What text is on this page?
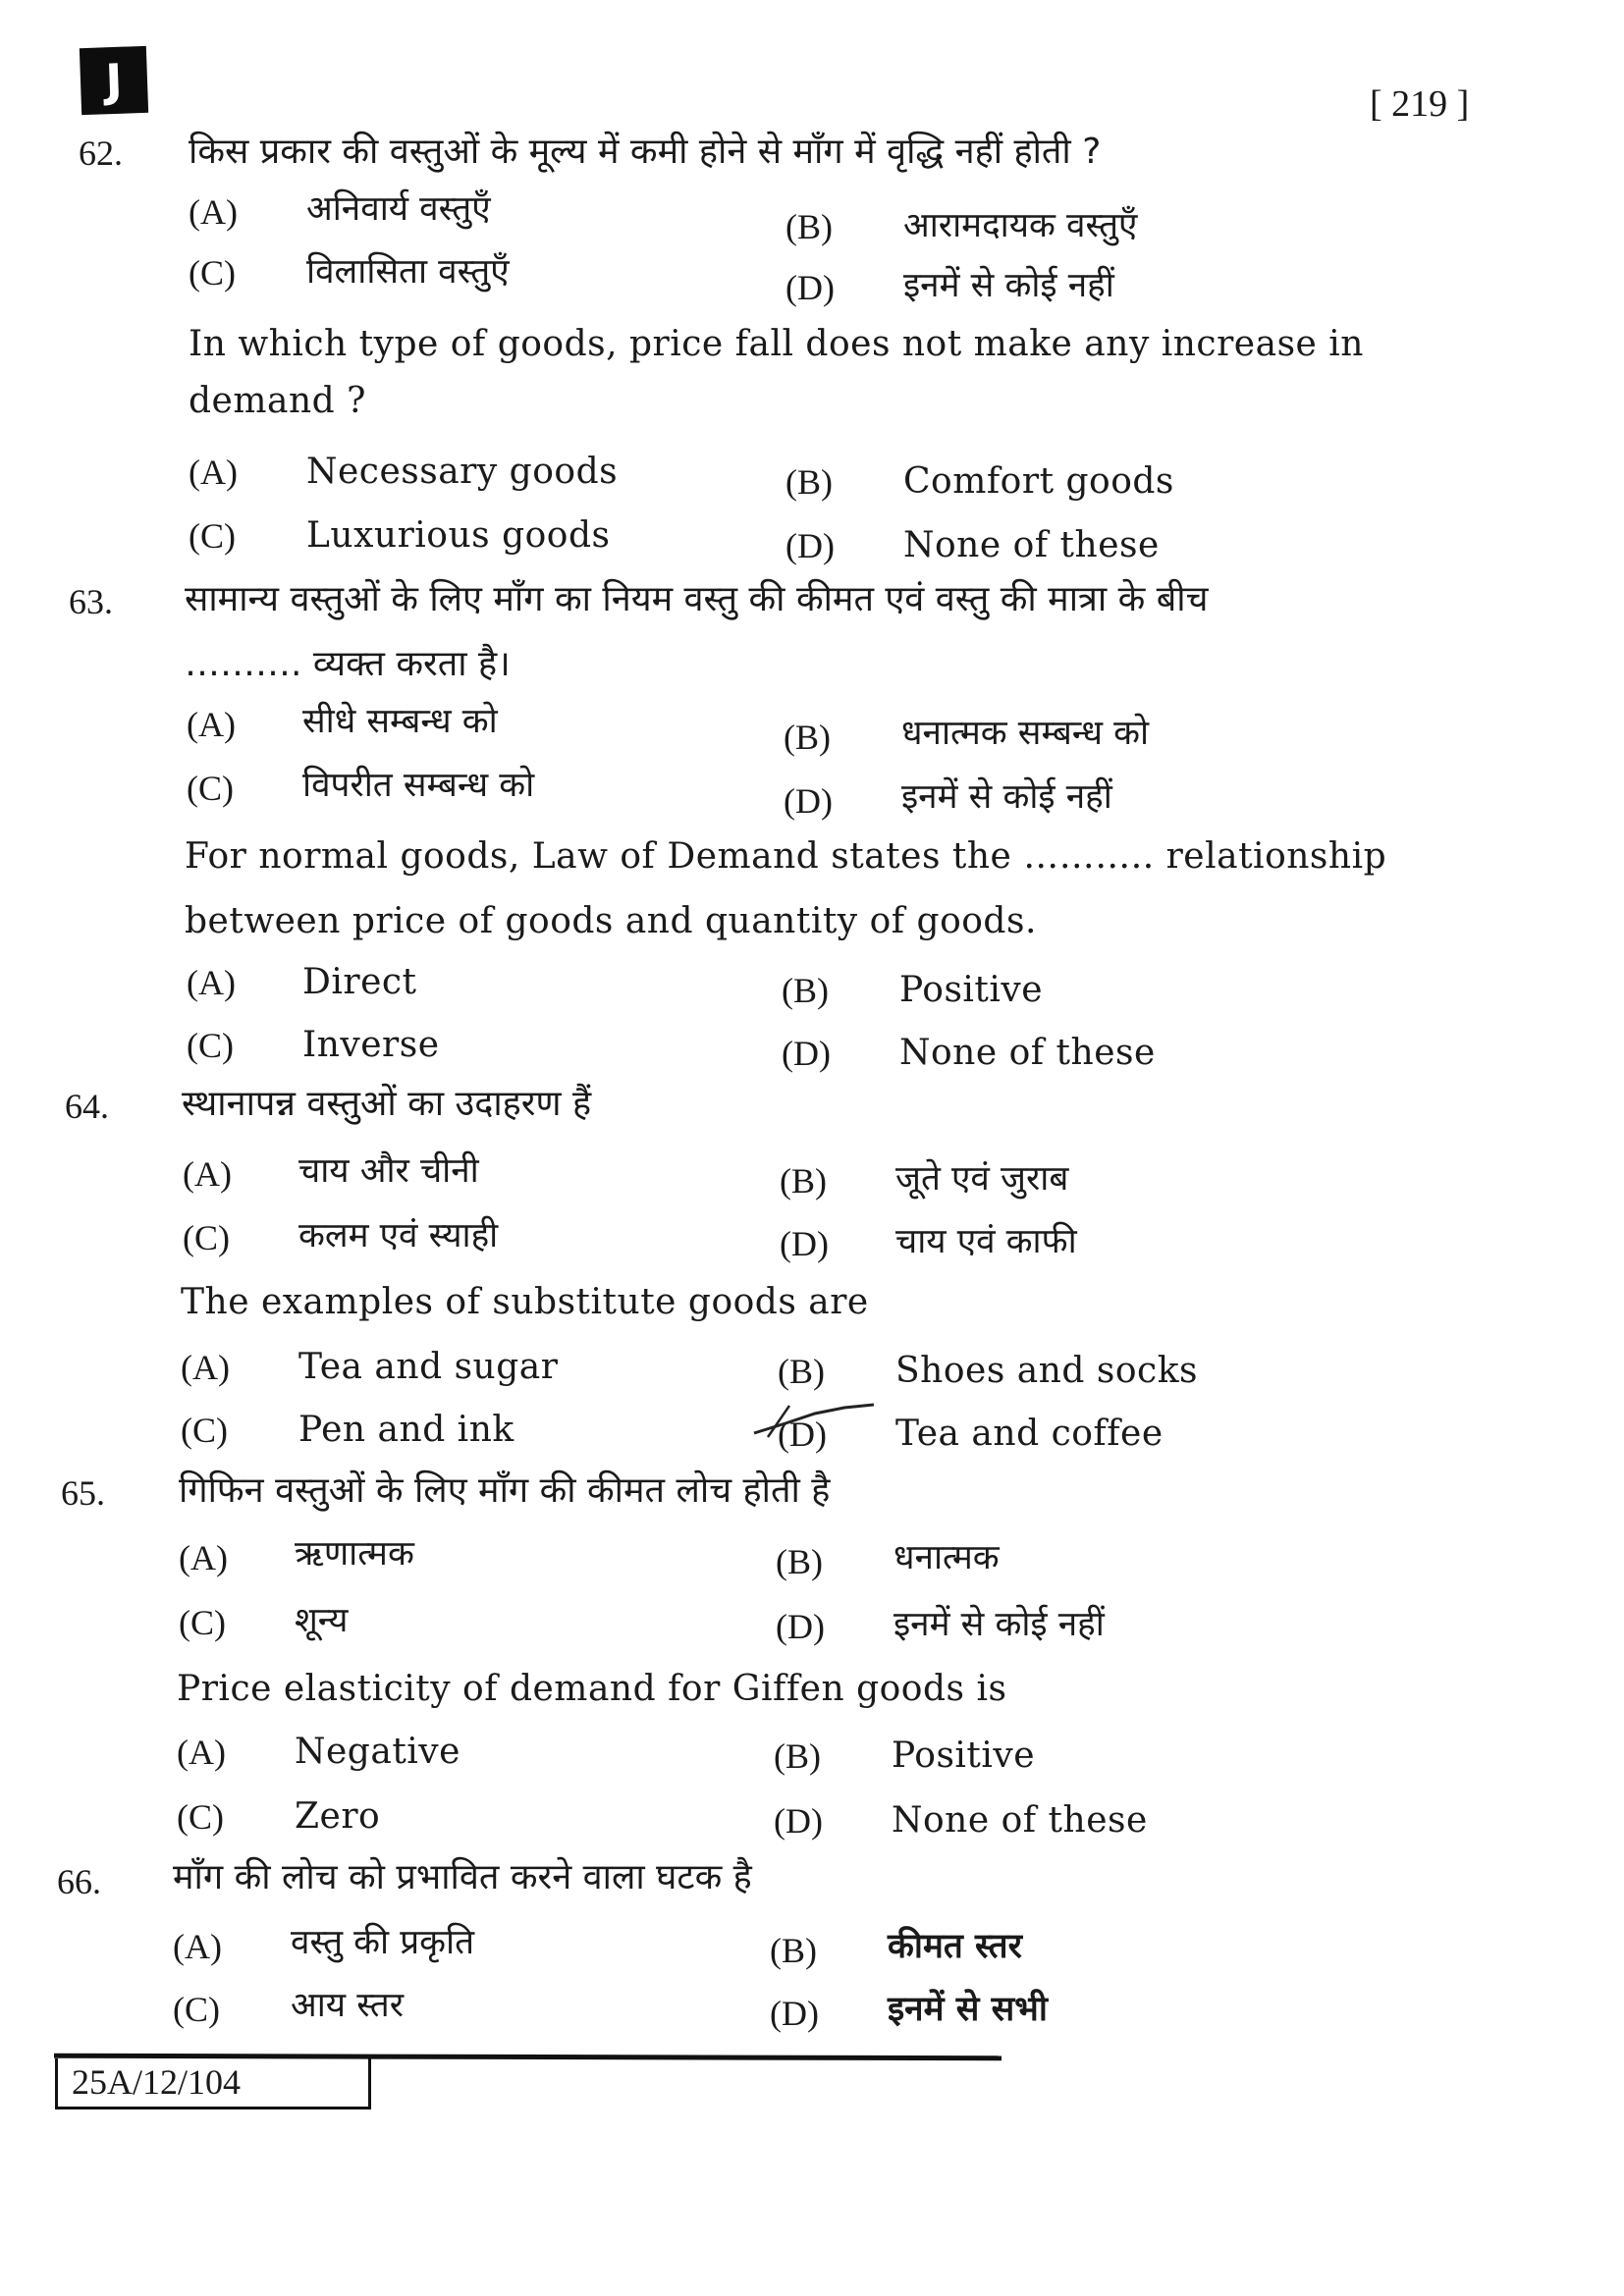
J	[ 219 ]
62. किस प्रकार की वस्तुओं के मूल्य में कमी होने से माँग में वृद्धि नहीं होती ?
(A) अनिवार्य वस्तुएँ	(B) आरामदायक वस्तुएँ
(C) विलासिता वस्तुएँ	(D) इनमें से कोई नहीं
In which type of goods, price fall does not make any increase in
demand ?
(A) Necessary goods	(B) Comfort goods
(C) Luxurious goods	(D) None of these
63. सामान्य वस्तुओं के लिए माँग का नियम वस्तु की कीमत एवं वस्तु की मात्रा के बीच
………. व्यक्त करता है।
(A) सीधे सम्बन्ध को	(B) धनात्मक सम्बन्ध को
(C) विपरीत सम्बन्ध को	(D) इनमें से कोई नहीं
For normal goods, Law of Demand states the ……….. relationship
between price of goods and quantity of goods.
(A) Direct	(B) Positive
(C) Inverse	(D) None of these
64. स्थानापन्न वस्तुओं का उदाहरण हैं
(A) चाय और चीनी	(B) जूते एवं जुराब
(C) कलम एवं स्याही	(D) चाय एवं काफी
The examples of substitute goods are
(A) Tea and sugar	(B) Shoes and socks
(C) Pen and ink	(D) Tea and coffee
65. गिफिन वस्तुओं के लिए माँग की कीमत लोच होती है
(A) ऋणात्मक	(B) धनात्मक
(C) शून्य	(D) इनमें से कोई नहीं
Price elasticity of demand for Giffen goods is
(A) Negative	(B) Positive
(C) Zero	(D) None of these
66. माँग की लोच को प्रभावित करने वाला घटक है
(A) वस्तु की प्रकृति	(B) कीमत स्तर
(C) आय स्तर	(D) इनमें से सभी
25A/12/104
